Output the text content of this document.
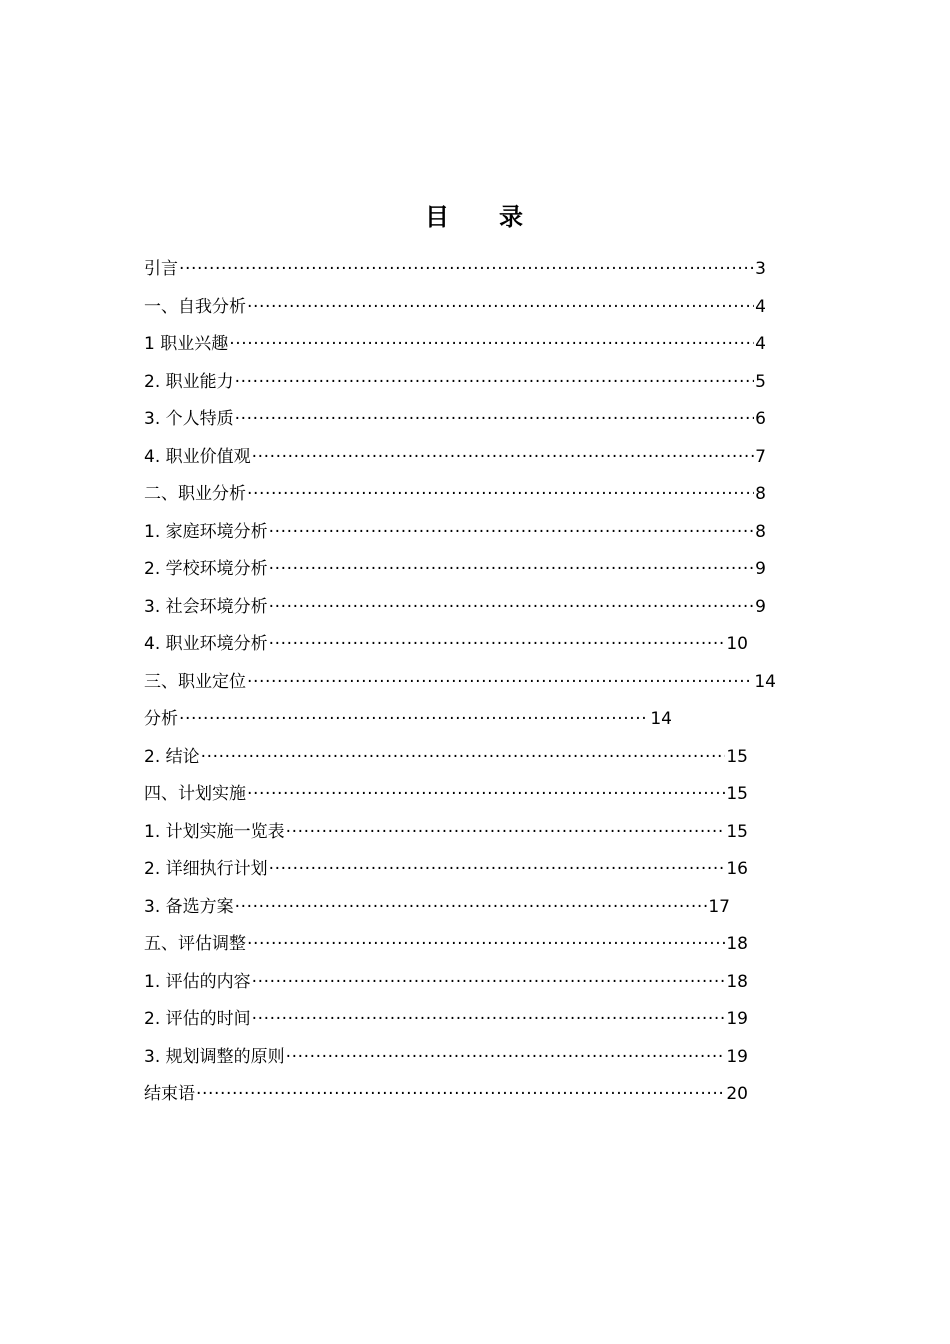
目 录
引言 ·····	3
一、自我分析 ·····	4
1 职业兴趣 ·····	4
2. 职业能力 ·····	5
3. 个人特质 ·····	6
4. 职业价值观 ·····	7
二、职业分析 ·····	8
1. 家庭环境分析 ·····	8
2. 学校环境分析 ·····	9
3. 社会环境分析 ·····	9
4. 职业环境分析 ·····	10
三、职业定位 ·····	14
分析 ·····	14
2. 结论 ·····	15
四、计划实施 ·····	15
1. 计划实施一览表 ·····	15
2. 详细执行计划 ·····	16
3. 备选方案 ·····	17
五、评估调整 ·····	18
1. 评估的内容 ·····	18
2. 评估的时间 ·····	19
3. 规划调整的原则 ·····	19
结束语 ·····	20
